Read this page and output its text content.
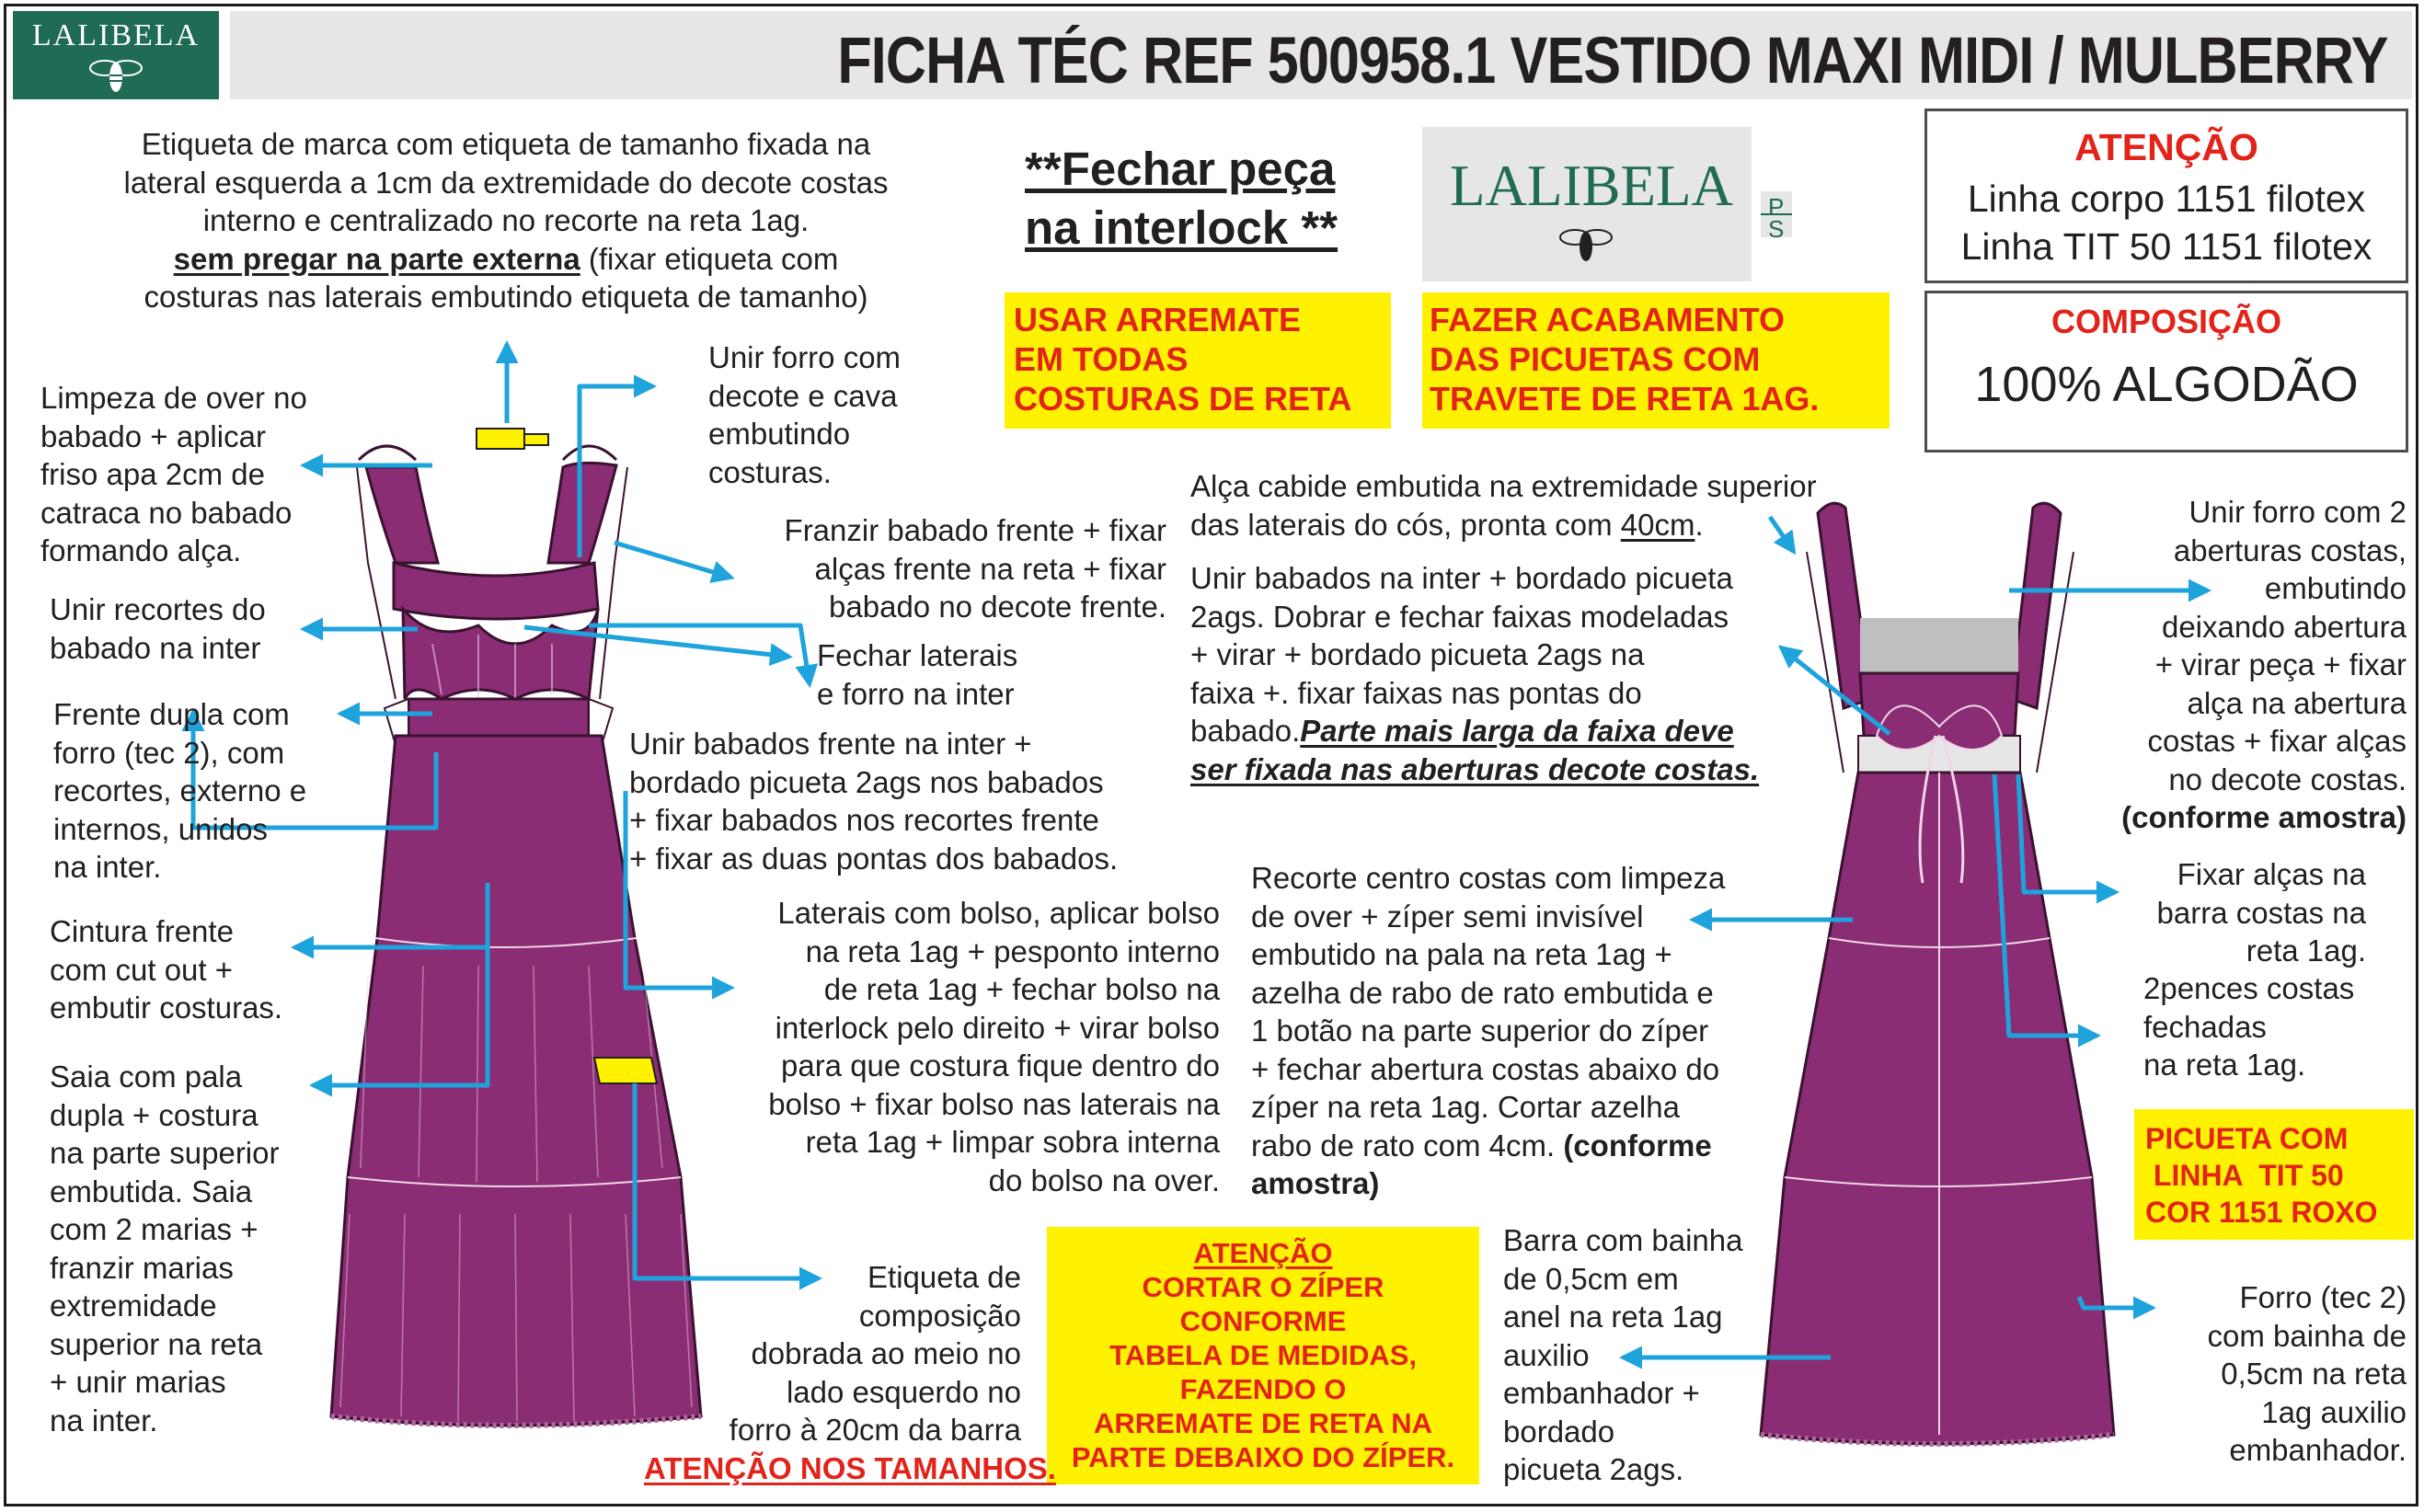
LALIBELA	FICHA TÉC REF 500958.1 VESTIDO MAXI MIDI / MULBERRY
Etiqueta de marca com etiqueta de tamanho fixada na
lateral esquerda a 1cm da extremidade do decote costas
interno e centralizado no recorte na reta 1ag.
sem pregar na parte externa (fixar etiqueta com
costuras nas laterais embutindo etiqueta de tamanho)
**Fechar peça
na interlock **
LALIBELA	P
S
ATENÇÃO
Linha corpo 1151 filotex
Linha TIT 50 1151 filotex
COMPOSIÇÃO
100% ALGODÃO
USAR ARREMATE
EM TODAS
COSTURAS DE RETA
FAZER ACABAMENTO
DAS PICUETAS COM
TRAVETE DE RETA 1AG.
ATENÇÃO
CORTAR O ZÍPER
CONFORME
TABELA DE MEDIDAS,
FAZENDO O
ARREMATE DE RETA NA
PARTE DEBAIXO DO ZÍPER.
PICUETA COM
LINHA  TIT 50
COR 1151 ROXO
Limpeza de over no
babado + aplicar
friso apa 2cm de
catraca no babado
formando alça.
Unir recortes do
babado na inter
Frente dupla com
forro (tec 2), com
recortes, externo e
internos, unidos
na inter.
Cintura frente
com cut out +
embutir costuras.
Saia com pala
dupla + costura
na parte superior
embutida. Saia
com 2 marias +
franzir marias
extremidade
superior na reta
+ unir marias
na inter.
Unir forro com
decote e cava
embutindo
costuras.
Franzir babado frente + fixar
alças frente na reta + fixar
babado no decote frente.
Fechar laterais
e forro na inter
Unir babados frente na inter +
bordado picueta 2ags nos babados
+ fixar babados nos recortes frente
+ fixar as duas pontas dos babados.
Laterais com bolso, aplicar bolso
na reta 1ag + pesponto interno
de reta 1ag + fechar bolso na
interlock pelo direito + virar bolso
para que costura fique dentro do
bolso + fixar bolso nas laterais na
reta 1ag + limpar sobra interna
do bolso na over.
Etiqueta de
composição
dobrada ao meio no
lado esquerdo no
forro à 20cm da barra
ATENÇÃO NOS TAMANHOS.
Alça cabide embutida na extremidade superior
das laterais do cós, pronta com 40cm.
Unir babados na inter + bordado picueta
2ags. Dobrar e fechar faixas modeladas
+ virar + bordado picueta 2ags na
faixa +. fixar faixas nas pontas do
babado.Parte mais larga da faixa deve
ser fixada nas aberturas decote costas.
Recorte centro costas com limpeza
de over + zíper semi invisível
embutido na pala na reta 1ag +
azelha de rabo de rato embutida e
1 botão na parte superior do zíper
+ fechar abertura costas abaixo do
zíper na reta 1ag. Cortar azelha
rabo de rato com 4cm. (conforme
amostra)
Barra com bainha
de 0,5cm em
anel na reta 1ag
auxilio
embanhador +
bordado
picueta 2ags.
Unir forro com 2
aberturas costas,
embutindo
deixando abertura
+ virar peça + fixar
alça na abertura
costas + fixar alças
no decote costas.
(conforme amostra)
Fixar alças na
barra costas na
reta 1ag.
2pences costas
fechadas
na reta 1ag.
Forro (tec 2)
com bainha de
0,5cm na reta
1ag auxilio
embanhador.
